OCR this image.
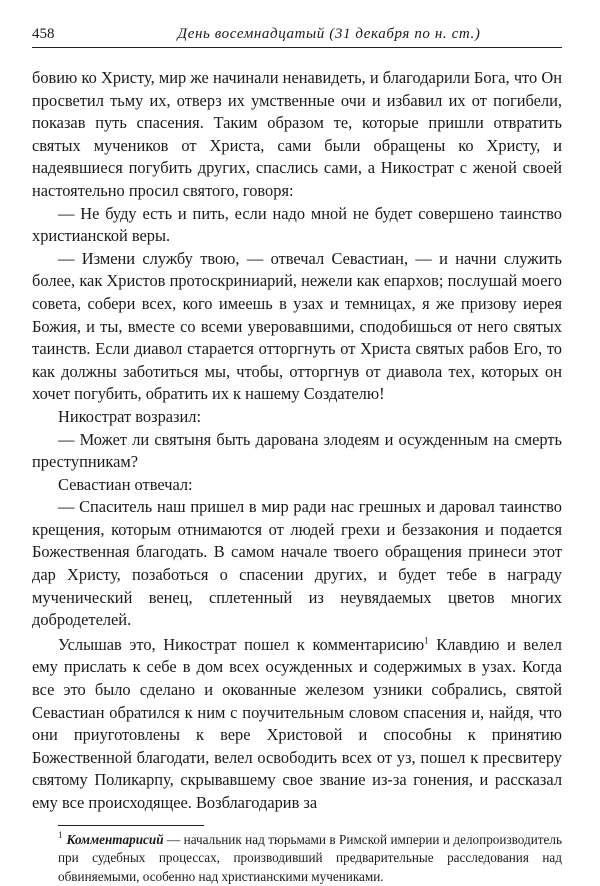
458	День восемнадцатый (31 декабря по н. ст.)

бовию ко Христу, мир же начинали ненавидеть, и благодарили Бога, что Он просветил тьму их, отверз их умственные очи и избавил их от погибели, показав путь спасения. Таким образом те, которые пришли отвратить святых мучеников от Христа, сами были обращены ко Христу, и надеявшиеся погубить других, спаслись сами, а Никострат с женой своей настоятельно просил святого, говоря:

— Не буду есть и пить, если надо мной не будет совершено таинство христианской веры.

— Измени службу твою, — отвечал Севастиан, — и начни служить более, как Христов протоскриниарий, нежели как епархов; послушай моего совета, собери всех, кого имеешь в узах и темницах, я же призову иерея Божия, и ты, вместе со всеми уверовавшими, сподобишься от него святых таинств. Если диавол старается отторгнуть от Христа святых рабов Его, то как должны заботиться мы, чтобы, отторгнув от диавола тех, которых он хочет погубить, обратить их к нашему Создателю!

Никострат возразил:

— Может ли святыня быть дарована злодеям и осужденным на смерть преступникам?

Севастиан отвечал:

— Спаситель наш пришел в мир ради нас грешных и даровал таинство крещения, которым отнимаются от людей грехи и беззакония и подается Божественная благодать. В самом начале твоего обращения принеси этот дар Христу, позаботься о спасении других, и будет тебе в награду мученический венец, сплетенный из неувядаемых цветов многих добродетелей.

Услышав это, Никострат пошел к комментарисию$^1$ Клавдию и велел ему прислать к себе в дом всех осужденных и содержимых в узах. Когда все это было сделано и окованные железом узники собрались, святой Севастиан обратился к ним с поучительным словом спасения и, найдя, что они приуготовлены к вере Христовой и способны к принятию Божественной благодати, велел освободить всех от уз, пошел к пресвитеру святому Поликарпу, скрывавшему свое звание из-за гонения, и рассказал ему все происходящее. Возблагодарив за

$^1$ Комментарисий — начальник над тюрьмами в Римской империи и делопроизводитель при судебных процессах, производивший предварительные расследования над обвиняемыми, особенно над христианскими мучениками.
